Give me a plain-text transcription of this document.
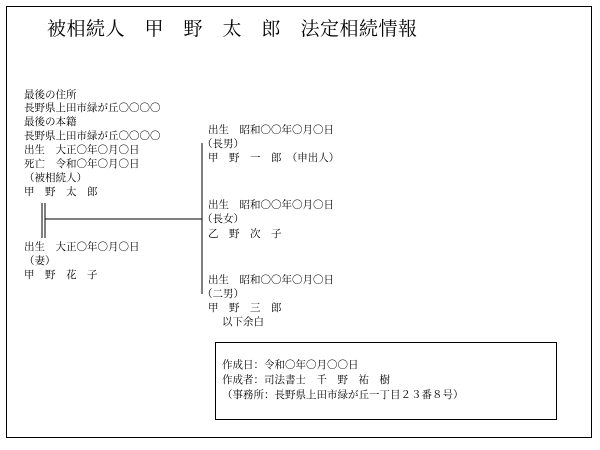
被相続人　甲　野　太　郎　法定相続情報
最後の住所
長野県上田市緑が丘〇〇〇〇
最後の本籍
長野県上田市緑が丘〇〇〇〇
出生　大正〇年〇月〇日
死亡　令和〇年〇月〇日
（被相続人）
甲　野　太　郎
出生　大正〇年〇月〇日
（妻）
甲　野　花　子
出生　昭和〇〇年〇月〇日
（長男）
甲　野　一　郎　（申出人）
出生　昭和〇〇年〇月〇日
（長女）
乙　野　次　子
出生　昭和〇〇年〇月〇日
（二男）
甲　野　三　郎
以下余白
作成日：令和〇年〇月〇〇日
作成者：司法書士　千　野　祐　樹
（事務所：長野県上田市緑が丘一丁目２３番８号）
